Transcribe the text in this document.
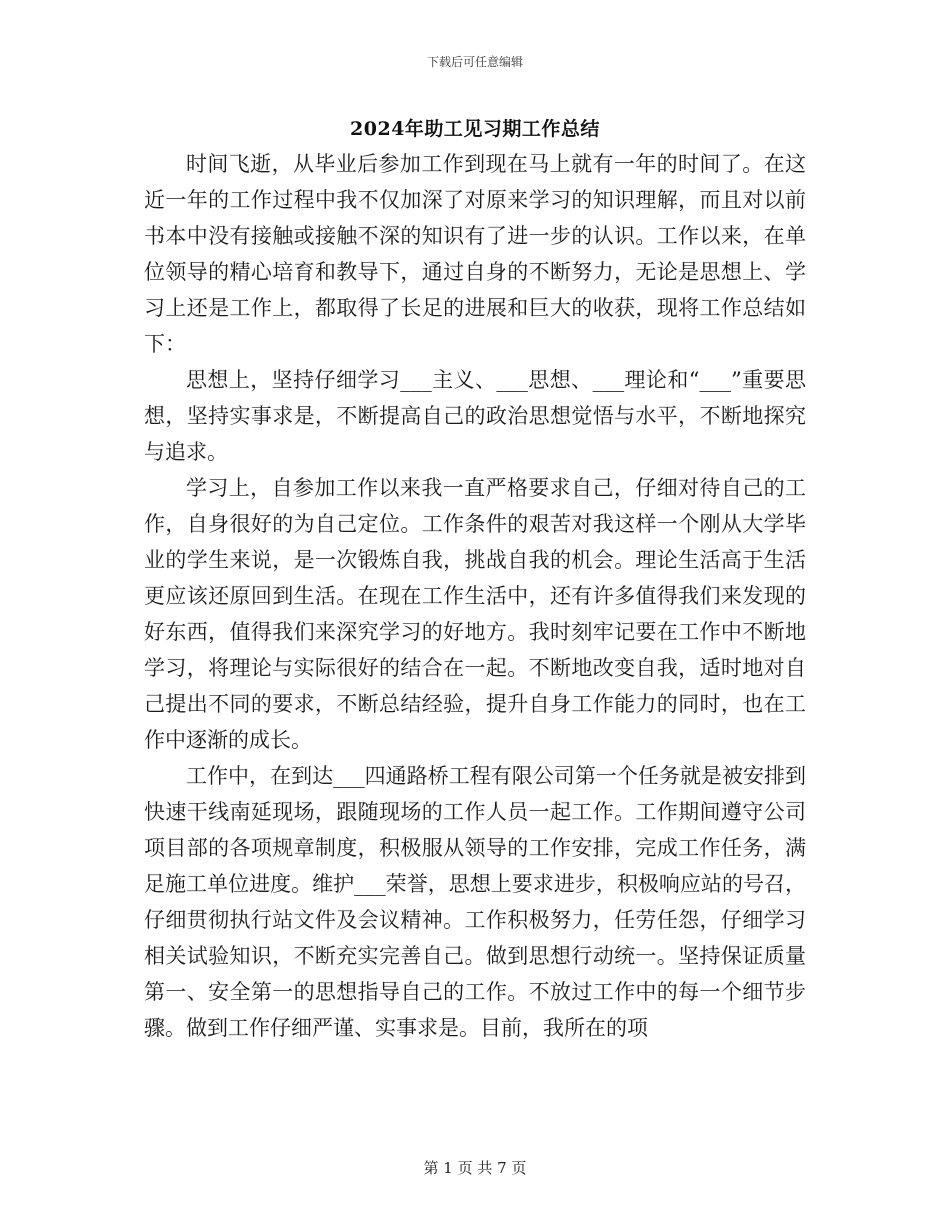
下载后可任意编辑
2024年助工见习期工作总结

时间飞逝，从毕业后参加工作到现在马上就有一年的时间了。在这近一年的工作过程中我不仅加深了对原来学习的知识理解，而且对以前书本中没有接触或接触不深的知识有了进一步的认识。工作以来，在单位领导的精心培育和教导下，通过自身的不断努力，无论是思想上、学习上还是工作上，都取得了长足的进展和巨大的收获，现将工作总结如下：

思想上，坚持仔细学习___主义、___思想、___理论和“___”重要思想，坚持实事求是，不断提高自己的政治思想觉悟与水平，不断地探究与追求。

学习上，自参加工作以来我一直严格要求自己，仔细对待自己的工作，自身很好的为自己定位。工作条件的艰苦对我这样一个刚从大学毕业的学生来说，是一次锻炼自我，挑战自我的机会。理论生活高于生活更应该还原回到生活。在现在工作生活中，还有许多值得我们来发现的好东西，值得我们来深究学习的好地方。我时刻牢记要在工作中不断地学习，将理论与实际很好的结合在一起。不断地改变自我，适时地对自己提出不同的要求，不断总结经验，提升自身工作能力的同时，也在工作中逐渐的成长。

工作中，在到达___四通路桥工程有限公司第一个任务就是被安排到快速干线南延现场，跟随现场的工作人员一起工作。工作期间遵守公司项目部的各项规章制度，积极服从领导的工作安排，完成工作任务，满足施工单位进度。维护___荣誉，思想上要求进步，积极响应站的号召，仔细贯彻执行站文件及会议精神。工作积极努力，任劳任怨，仔细学习相关试验知识，不断充实完善自己。做到思想行动统一。坚持保证质量第一、安全第一的思想指导自己的工作。不放过工作中的每一个细节步骤。做到工作仔细严谨、实事求是。目前，我所在的项

第 1 页 共 7 页
